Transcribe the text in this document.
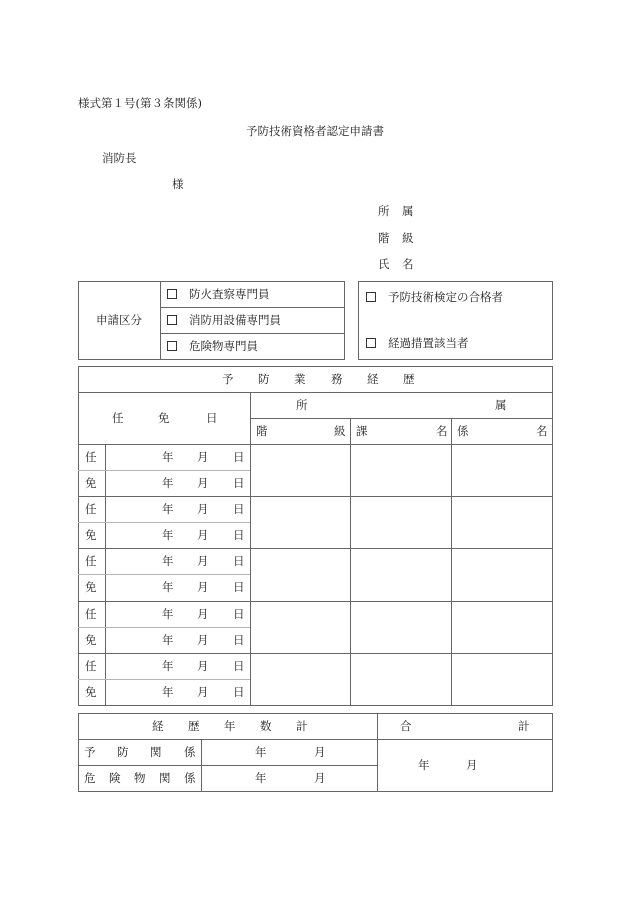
様式第１号(第３条関係)
予防技術資格者認定申請書
消防長
様
所 属
階 級
氏 名
申請区分
防火査察専門員
消防用設備専門員
危険物専門員
予防技術検定の合格者
経過措置該当者
予 防 業 務 経 歴
任	免	日
所	属
階	級 課	名 係	名
任	年 月 日
免	年 月 日
任	年 月 日
免	年 月 日
任	年 月 日
免	年 月 日
任	年 月 日
免	年 月 日
任	年 月 日
免	年 月 日
経 歴 年 数 計	合	計
予 防 関 係	年	月
危 険 物 関 係	年	月
年	月
